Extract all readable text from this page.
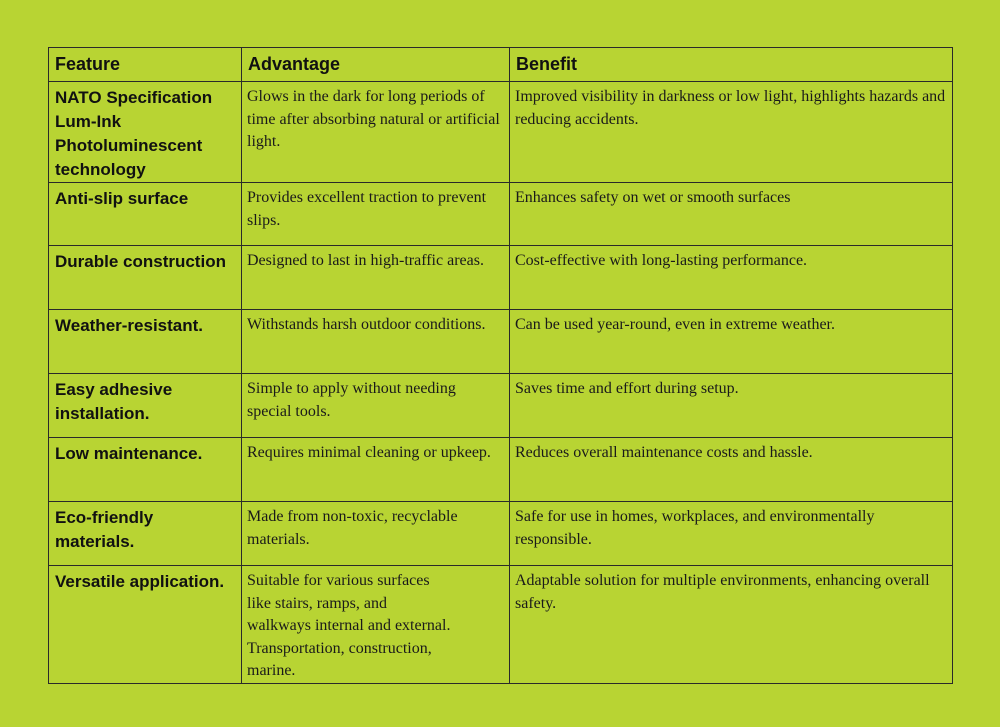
Feature	Advantage	Benefit
NATO Specification Lum-Ink Photoluminescent technology	Glows in the dark for long periods of time after absorbing natural or artificial light.	Improved visibility in darkness or low light, highlights hazards and reducing accidents.
Anti-slip surface	Provides excellent traction to prevent slips.	Enhances safety on wet or smooth surfaces
Durable construction	Designed to last in high-traffic areas.	Cost-effective with long-lasting performance.
Weather-resistant.	Withstands harsh outdoor conditions.	Can be used year-round, even in extreme weather.
Easy adhesive installation.	Simple to apply without needing special tools.	Saves time and effort during setup.
Low maintenance.	Requires minimal cleaning or upkeep.	Reduces overall maintenance costs and hassle.
Eco-friendly materials.	Made from non-toxic, recyclable materials.	Safe for use in homes, workplaces, and environmentally responsible.
Versatile application.	Suitable for various surfaces
like stairs, ramps, and
walkways internal and external.
Transportation, construction,
marine.	Adaptable solution for multiple environments, enhancing overall safety.
